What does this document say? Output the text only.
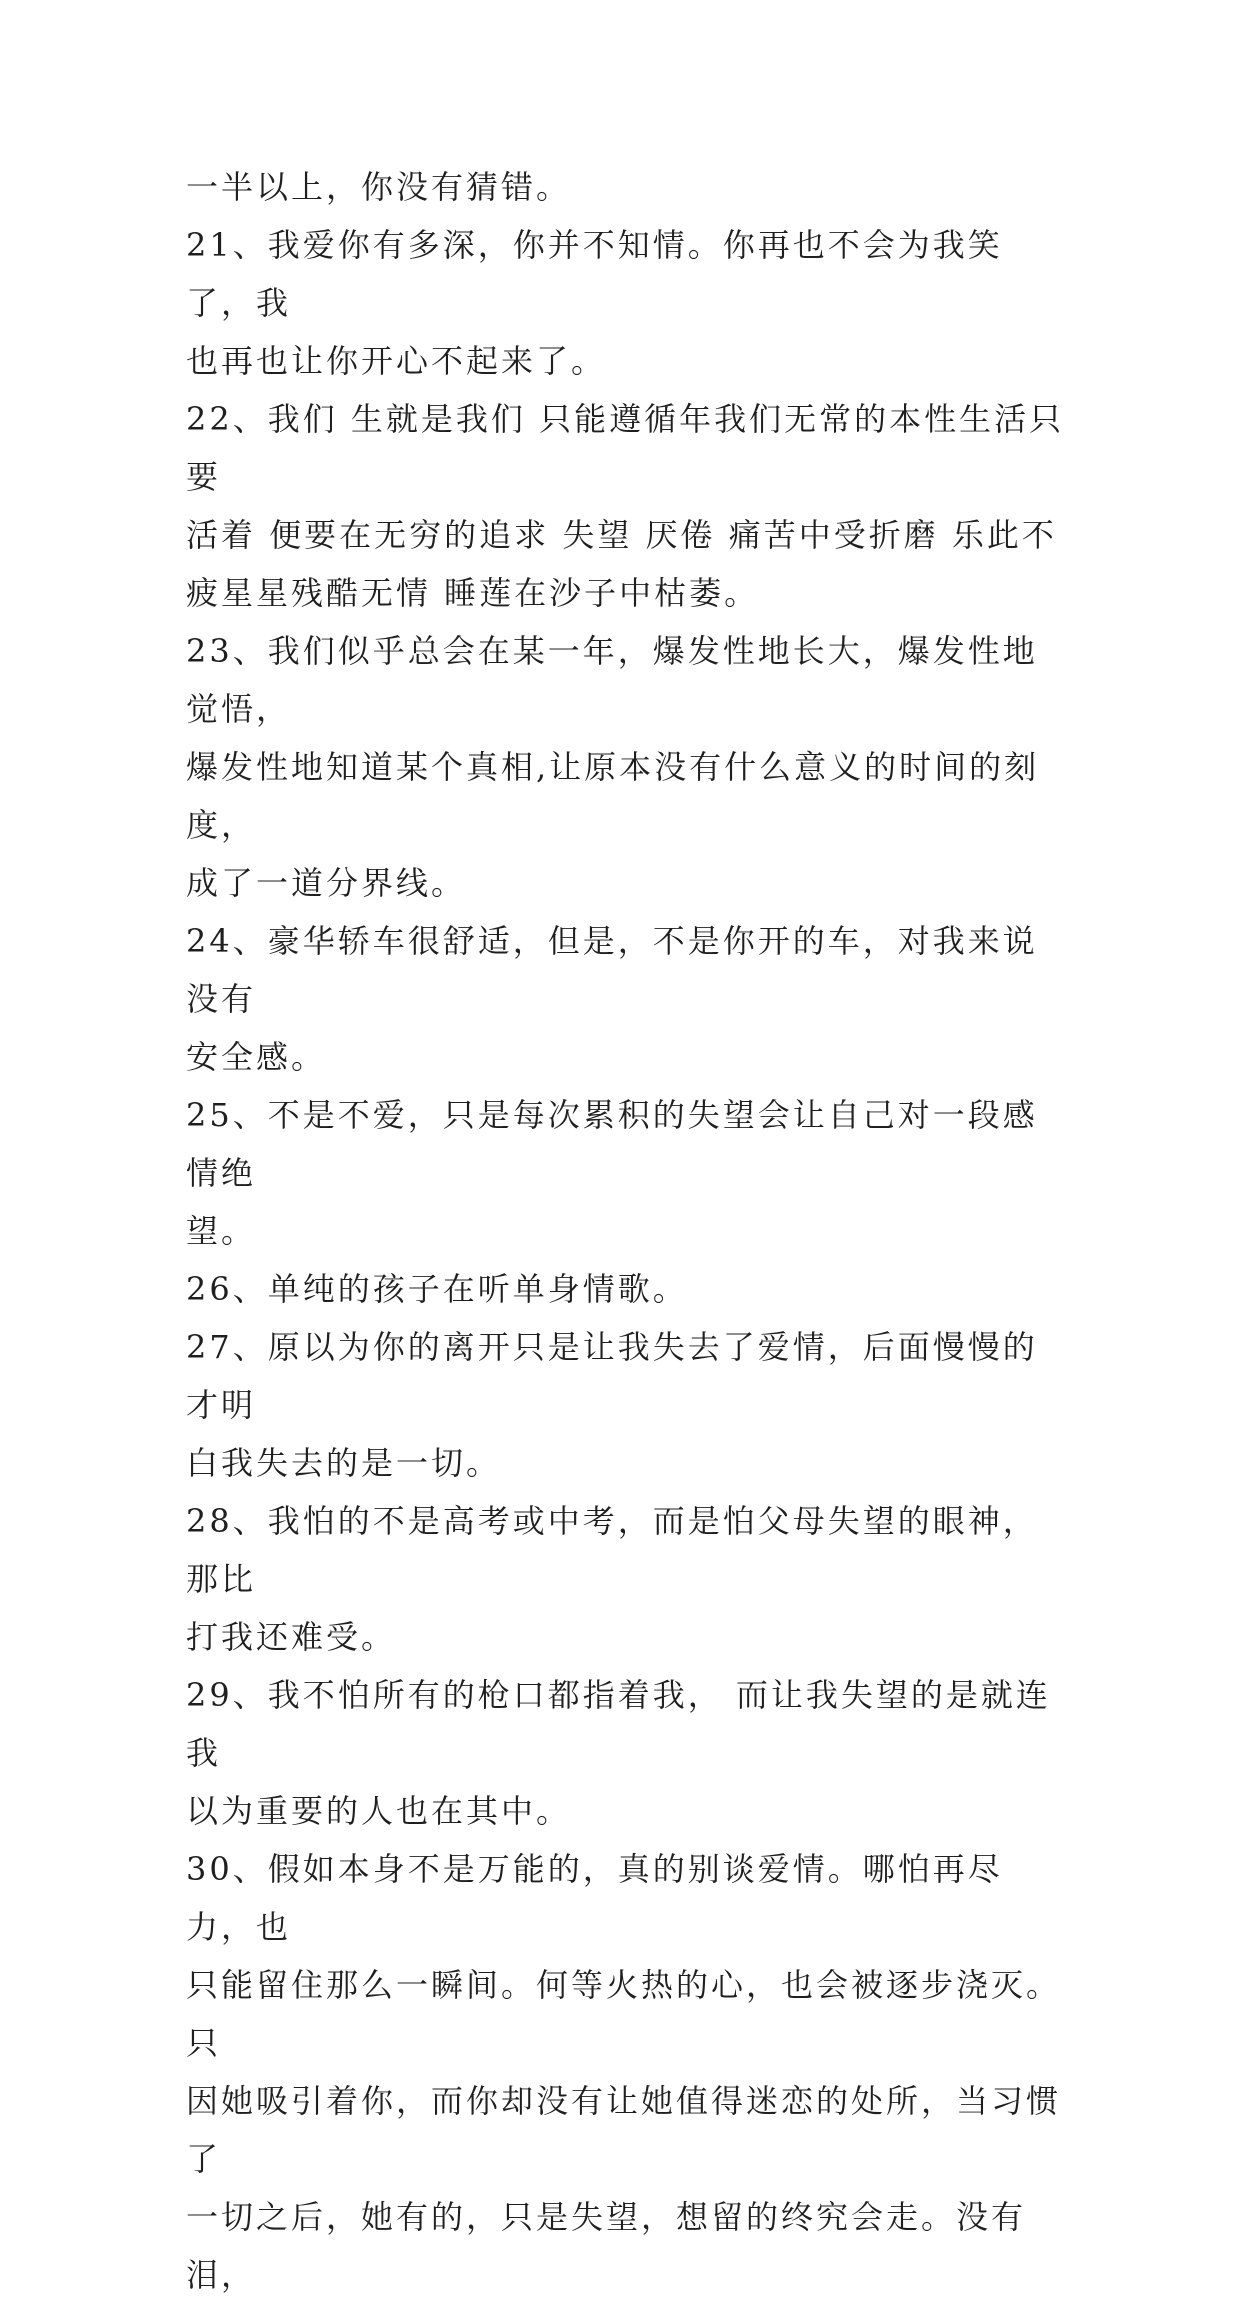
一半以上，你没有猜错。

21、我爱你有多深，你并不知情。你再也不会为我笑了，我

也再也让你开心不起来了。

22、我们 生就是我们 只能遵循年我们无常的本性生活只要

活着 便要在无穷的追求 失望 厌倦 痛苦中受折磨 乐此不

疲星星残酷无情 睡莲在沙子中枯萎。

23、我们似乎总会在某一年，爆发性地长大，爆发性地觉悟，

爆发性地知道某个真相,让原本没有什么意义的时间的刻度，

成了一道分界线。

24、豪华轿车很舒适，但是，不是你开的车，对我来说没有

安全感。

25、不是不爱，只是每次累积的失望会让自己对一段感情绝

望。

26、单纯的孩子在听单身情歌。

27、原以为你的离开只是让我失去了爱情，后面慢慢的才明

白我失去的是一切。

28、我怕的不是高考或中考，而是怕父母失望的眼神，那比

打我还难受。

29、我不怕所有的枪口都指着我， 而让我失望的是就连我

以为重要的人也在其中。

30、假如本身不是万能的，真的别谈爱情。哪怕再尽力，也

只能留住那么一瞬间。何等火热的心，也会被逐步浇灭。只

因她吸引着你，而你却没有让她值得迷恋的处所，当习惯了

一切之后，她有的，只是失望，想留的终究会走。没有泪，
